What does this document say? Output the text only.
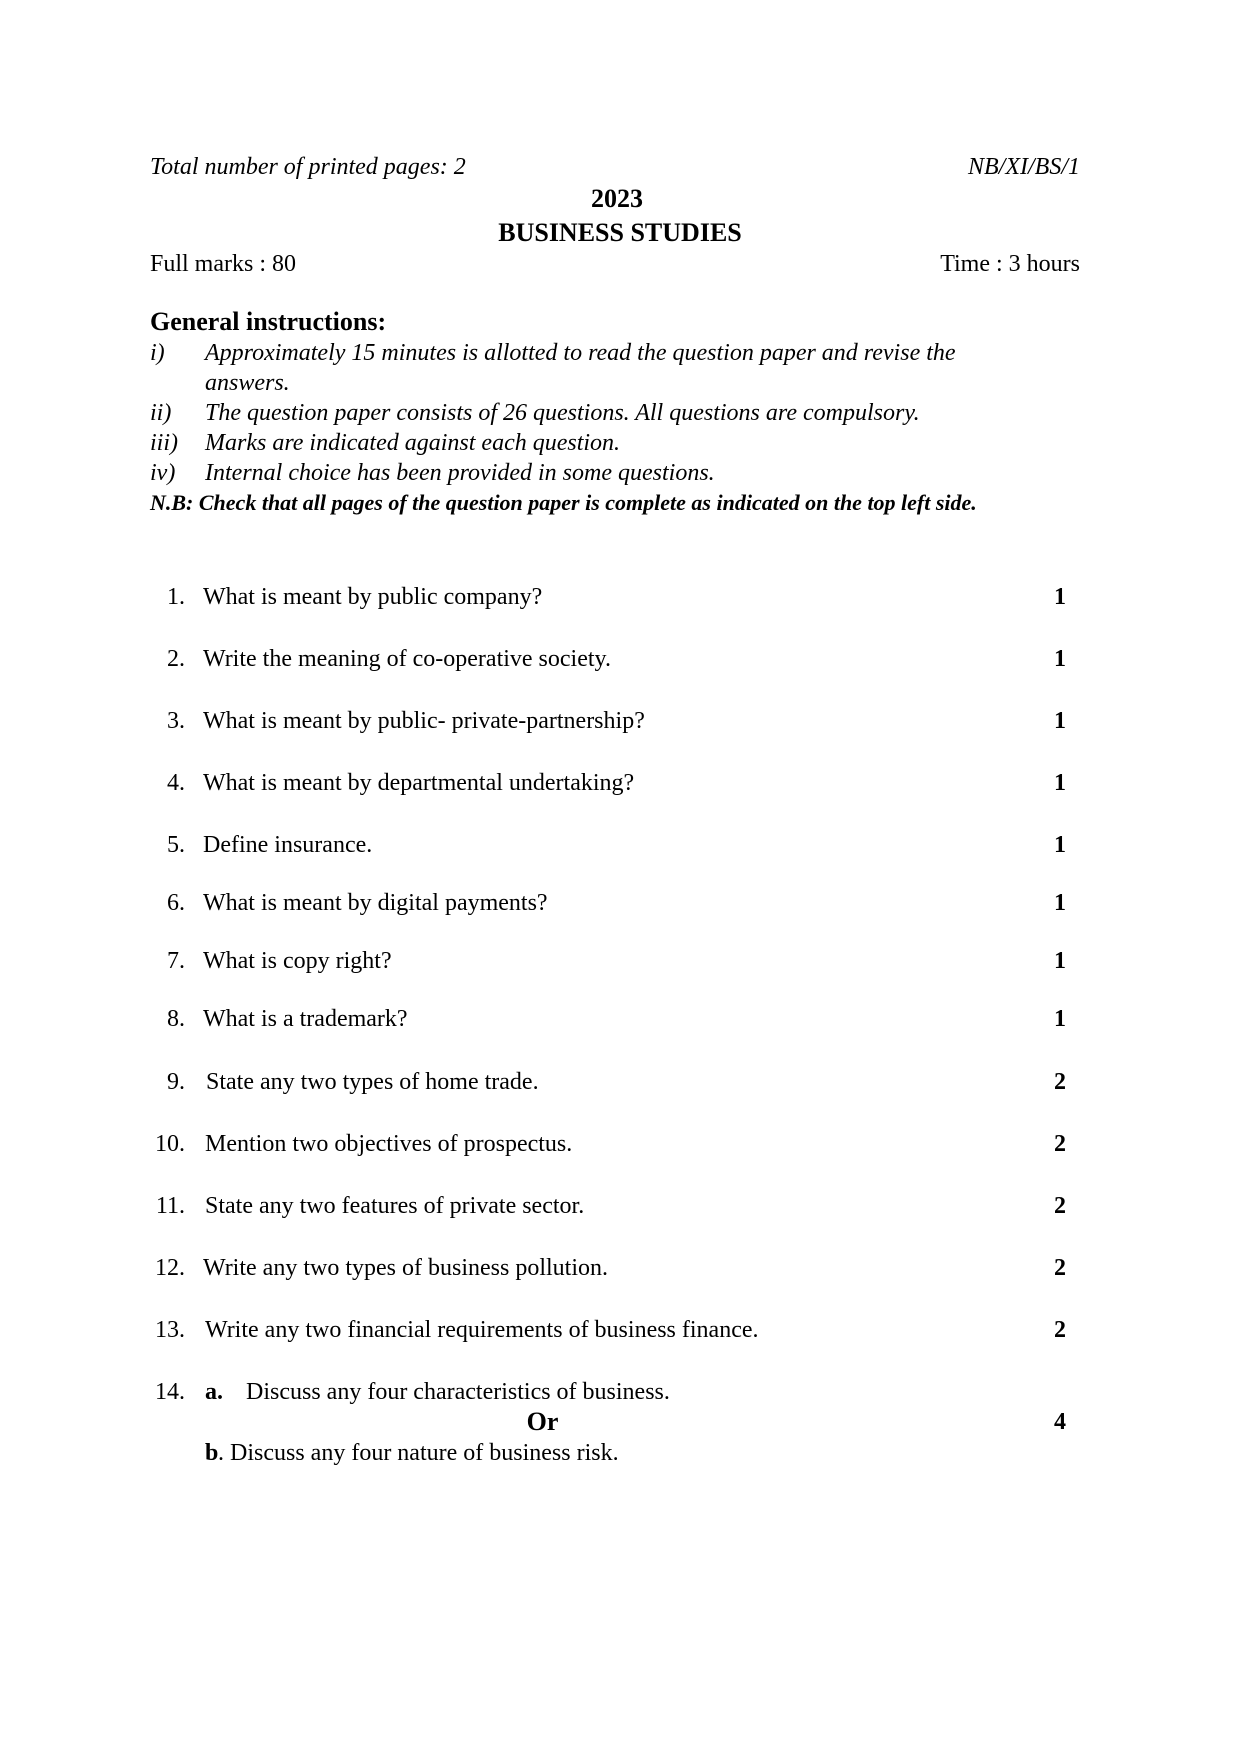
Total number of printed pages: 2	NB/XI/BS/1
2023
BUSINESS STUDIES
Full marks : 80	Time : 3 hours
General instructions:
i) Approximately 15 minutes is allotted to read the question paper and revise the
answers.
ii) The question paper consists of 26 questions. All questions are compulsory.
iii) Marks are indicated against each question.
iv) Internal choice has been provided in some questions.
N.B: Check that all pages of the question paper is complete as indicated on the top left side.
1. What is meant by public company?	1
2. Write the meaning of co-operative society.	1
3. What is meant by public- private-partnership?	1
4. What is meant by departmental undertaking?	1
5. Define insurance.	1
6. What is meant by digital payments?	1
7. What is copy right?	1
8. What is a trademark?	1
9. State any two types of home trade.	2
10. Mention two objectives of prospectus.	2
11. State any two features of private sector.	2
12. Write any two types of business pollution.	2
13. Write any two financial requirements of business finance.	2
14. a. Discuss any four characteristics of business.
Or	4
b . Discuss any four nature of business risk.
